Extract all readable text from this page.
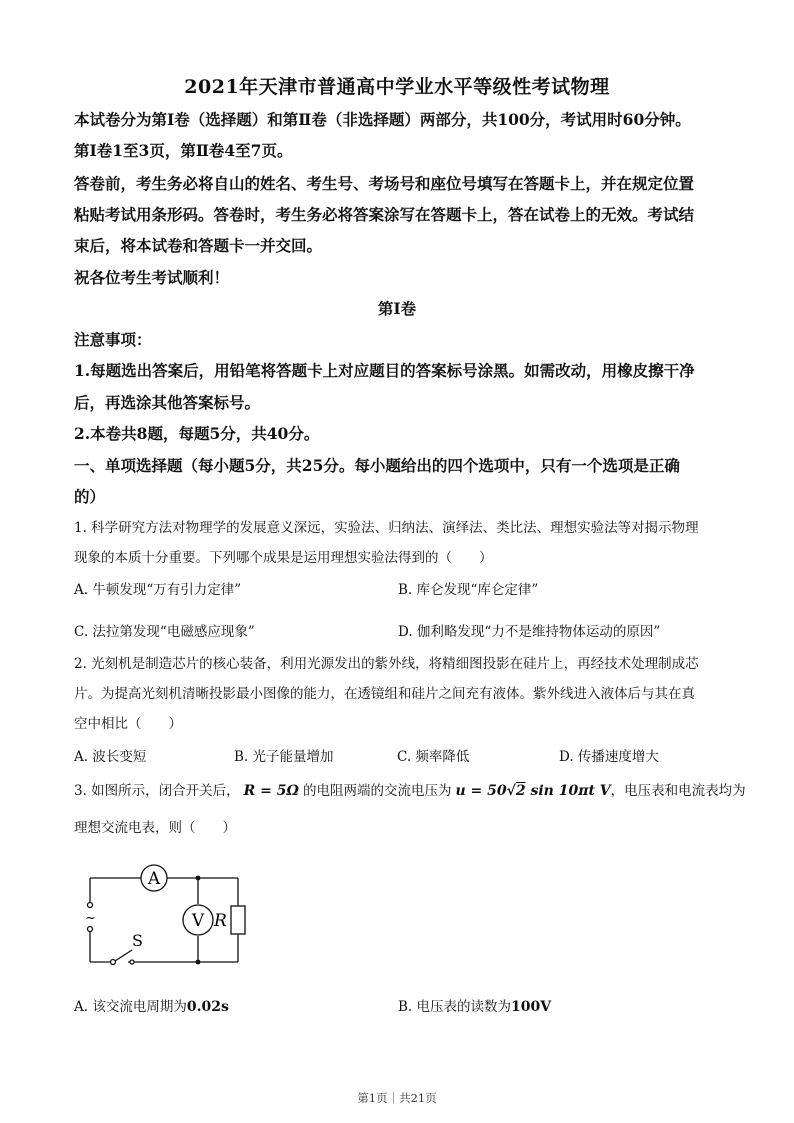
2021年天津市普通高中学业水平等级性考试物理
本试卷分为第Ⅰ卷（选择题）和第Ⅱ卷（非选择题）两部分，共100分，考试用时60分钟。
第Ⅰ卷1至3页，第Ⅱ卷4至7页。
答卷前，考生务必将自山的姓名、考生号、考场号和座位号填写在答题卡上，并在规定位置
粘贴考试用条形码。答卷时，考生务必将答案涂写在答题卡上，答在试卷上的无效。考试结
束后，将本试卷和答题卡一并交回。
祝各位考生考试顺利！
第Ⅰ卷
注意事项：
1.每题选出答案后，用铅笔将答题卡上对应题目的答案标号涂黑。如需改动，用橡皮擦干净
后，再选涂其他答案标号。
2.本卷共8题，每题5分，共40分。
一、单项选择题（每小题5分，共25分。每小题给出的四个选项中，只有一个选项是正确
的）
1. 科学研究方法对物理学的发展意义深远，实验法、归纳法、演绎法、类比法、理想实验法等对揭示物理
现象的本质十分重要。下列哪个成果是运用理想实验法得到的（　　）
A. 牛顿发现“万有引力定律”	B. 库仑发现“库仑定律”
C. 法拉第发现“电磁感应现象”	D. 伽利略发现“力不是维持物体运动的原因”
2. 光刻机是制造芯片的核心装备，利用光源发出的紫外线，将精细图投影在硅片上，再经技术处理制成芯
片。为提高光刻机清晰投影最小图像的能力，在透镜组和硅片之间充有液体。紫外线进入液体后与其在真
空中相比（　　）
A. 波长变短	B. 光子能量增加	C. 频率降低	D. 传播速度增大
3. 如图所示，闭合开关后， R = 5Ω 的电阻两端的交流电压为 u = 50√2 sin 10πt V，电压表和电流表均为
理想交流电表，则（　　）
A
V R
S
~
A. 该交流电周期为0.02s	B. 电压表的读数为100V
第1页｜共21页
